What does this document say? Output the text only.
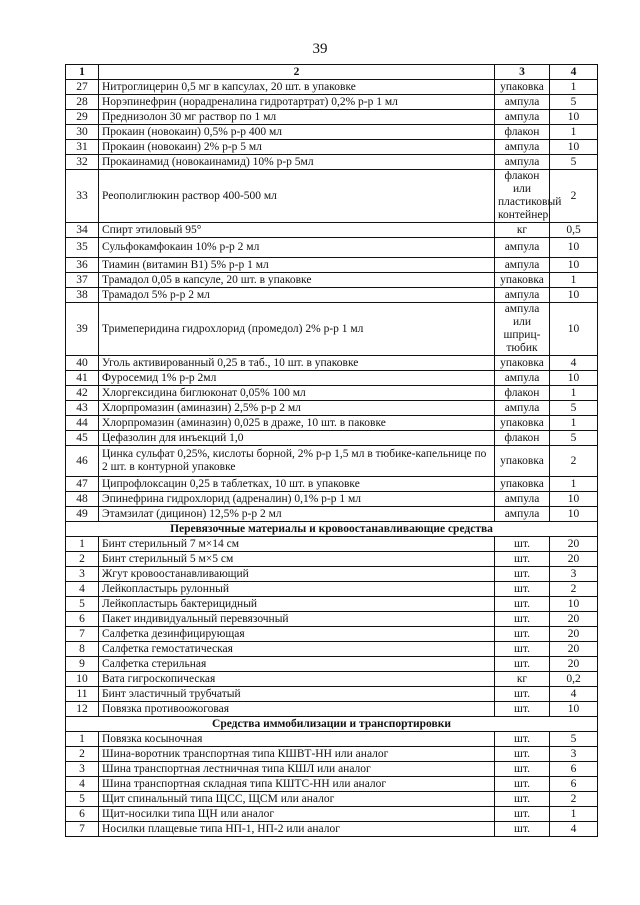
39
1	2	3	4
27	Нитроглицерин 0,5 мг в капсулах, 20 шт. в упаковке	упаковка	1
28	Норэпинефрин (норадреналина гидротартрат) 0,2% р-р 1 мл	ампула	5
29	Преднизолон 30 мг раствор по 1 мл	ампула	10
30	Прокаин (новокаин) 0,5% р-р 400 мл	флакон	1
31	Прокаин (новокаин) 2% р-р 5 мл	ампула	10
32	Прокаинамид (новокаинамид) 10% р-р 5мл	ампула	5
33	Реополиглюкин раствор 400-500 мл	флакон или пластиковый контейнер	2
34	Спирт этиловый 95°	кг	0,5
35	Сульфокамфокаин 10% р-р 2 мл	ампула	10
36	Тиамин (витамин В1) 5% р-р 1 мл	ампула	10
37	Трамадол 0,05 в капсуле, 20 шт. в упаковке	упаковка	1
38	Трамадол 5% р-р 2 мл	ампула	10
39	Тримеперидина гидрохлорид (промедол) 2% р-р 1 мл	ампула или шприц-тюбик	10
40	Уголь активированный 0,25 в таб., 10 шт. в упаковке	упаковка	4
41	Фуросемид 1% р-р 2мл	ампула	10
42	Хлоргексидина биглюконат 0,05% 100 мл	флакон	1
43	Хлорпромазин (аминазин) 2,5% р-р 2 мл	ампула	5
44	Хлорпромазин (аминазин) 0,025 в драже, 10 шт. в паковке	упаковка	1
45	Цефазолин для инъекций 1,0	флакон	5
46	Цинка сульфат 0,25%, кислоты борной, 2% р-р 1,5 мл в тюбике-капельнице по 2 шт. в контурной упаковке	упаковка	2
47	Ципрофлоксацин 0,25 в таблетках, 10 шт. в упаковке	упаковка	1
48	Эпинефрина гидрохлорид (адреналин) 0,1% р-р 1 мл	ампула	10
49	Этамзилат (дицинон) 12,5% р-р 2 мл	ампула	10
Перевязочные материалы и кровоостанавливающие средства			
1	Бинт стерильный 7 м×14 см	шт.	20
2	Бинт стерильный 5 м×5 см	шт.	20
3	Жгут кровоостанавливающий	шт.	3
4	Лейкопластырь рулонный	шт.	2
5	Лейкопластырь бактерицидный	шт.	10
6	Пакет индивидуальный перевязочный	шт.	20
7	Салфетка дезинфицирующая	шт.	20
8	Салфетка гемостатическая	шт.	20
9	Салфетка стерильная	шт.	20
10	Вата гигроскопическая	кг	0,2
11	Бинт эластичный трубчатый	шт.	4
12	Повязка противоожоговая	шт.	10
Средства иммобилизации и транспортировки			
1	Повязка косыночная	шт.	5
2	Шина-воротник транспортная типа КШВТ-НН или аналог	шт.	3
3	Шина транспортная лестничная типа КШЛ или аналог	шт.	6
4	Шина транспортная складная типа КШТС-НН или аналог	шт.	6
5	Щит спинальный типа ЩСС, ЩСМ или аналог	шт.	2
6	Щит-носилки типа ЩН или аналог	шт.	1
7	Носилки плащевые типа НП-1, НП-2 или аналог	шт.	4
